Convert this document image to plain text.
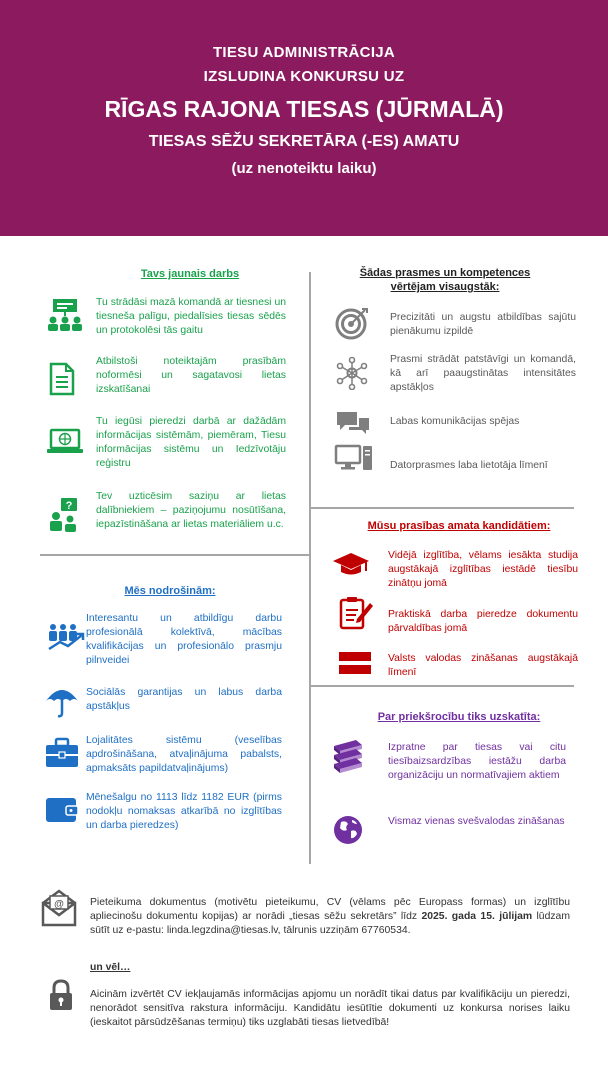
TIESU ADMINISTRĀCIJA
IZSLUDINA KONKURSU UZ
RĪGAS RAJONA TIESAS (JŪRMALĀ)
TIESAS SĒŽU SEKRETĀRA (-ES) AMATU
(uz nenoteiktu laiku)
Tavs jaunais darbs
Tu strādāsi mazā komandā ar tiesnesi un tiesneša palīgu, piedalīsies tiesas sēdēs un protokolēsi tās gaitu
Atbilstoši noteiktajām prasībām noformēsi un sagatavosi lietas izskatīšanai
Tu iegūsi pieredzi darbā ar dažādām informācijas sistēmām, piemēram, Tiesu informācijas sistēmu un Iedzīvotāju reģistru
?
Tev uzticēsim saziņu ar lietas dalībniekiem – paziņojumu nosūtīšana, iepazīstināšana ar lietas materiāliem u.c.
Mēs nodrošinām:
Interesantu un atbildīgu darbu profesionālā kolektīvā, mācības kvalifikācijas un profesionālo prasmju pilnveidei
Sociālās garantijas un labus darba apstākļus
Lojalitātes sistēmu (veselības apdrošināšana, atvaļinājuma pabalsts, apmaksāts papildatvaļinājums)
Mēnešalgu no 1113 līdz 1182 EUR (pirms nodokļu nomaksas atkarībā no izglītības un darba pieredzes)
Šādas prasmes un kompetences
vērtējam visaugstāk:
Precizitāti un augstu atbildības sajūtu pienākumu izpildē
Prasmi strādāt patstāvīgi un komandā, kā arī paaugstinātas intensitātes apstākļos
Labas komunikācijas spējas
Datorprasmes laba lietotāja līmenī
Mūsu prasības amata kandidātiem:
Vidējā izglītība, vēlams iesākta studija augstākajā izglītības iestādē tiesību zinātņu jomā
Praktiskā darba pieredze dokumentu pārvaldības jomā
Valsts valodas zināšanas augstākajā līmenī
Par priekšrocību tiks uzskatīta:
Izpratne par tiesas vai citu tiesībaizsardzības iestāžu darba organizāciju un normatīvajiem aktiem
Vismaz vienas svešvalodas zināšanas
@	Pieteikuma dokumentus (motivētu pieteikumu, CV (vēlams pēc Europass formas) un izglītību apliecinošu dokumentu kopijas) ar norādi „tiesas sēžu sekretārs” līdz 2025. gada 15. jūlijam lūdzam sūtīt uz e-pastu: linda.legzdina@tiesas.lv, tālrunis uzziņām 67760534.
un vēl…
Aicinām izvērtēt CV iekļaujamās informācijas apjomu un norādīt tikai datus par kvalifikāciju un pieredzi, nenorādot sensitīva rakstura informāciju. Kandidātu iesūtītie dokumenti uz konkursa norises laiku (ieskaitot pārsūdzēšanas termiņu) tiks uzglabāti tiesas lietvedībā!
